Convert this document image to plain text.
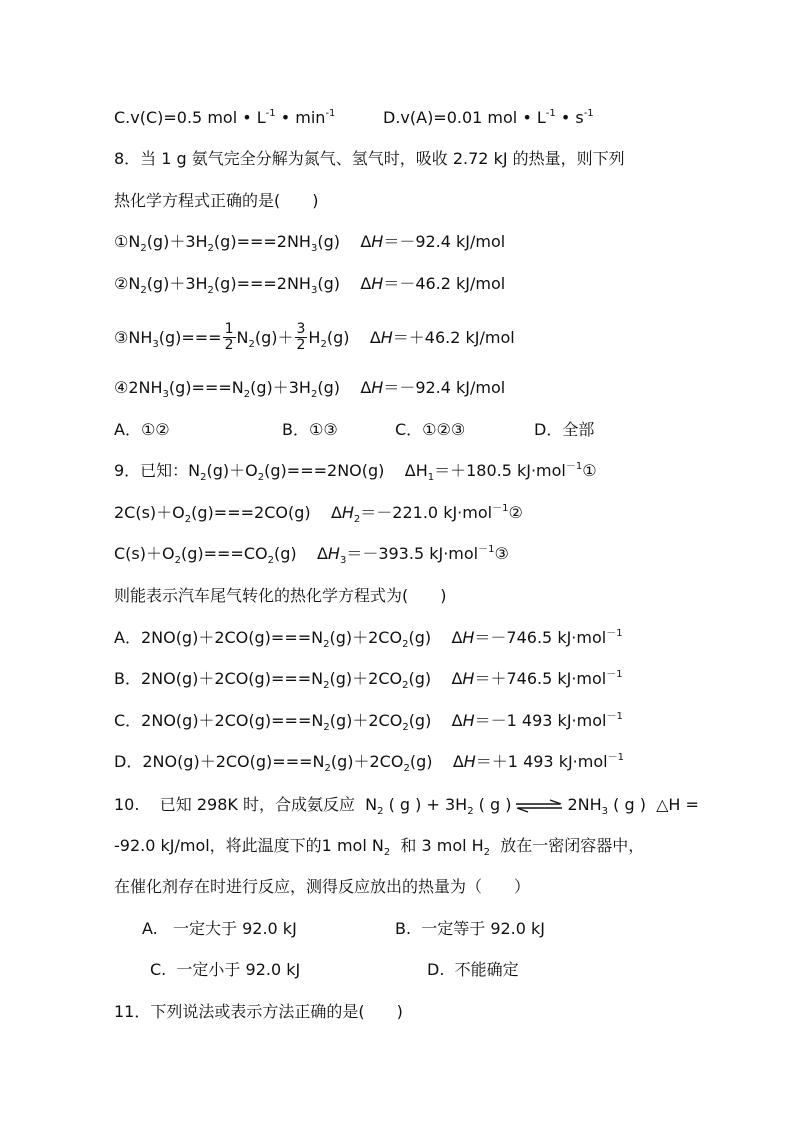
C.v(C)=0.5 mol • $L^{-1}$ • $\min^{-1}$	D.v(A)=0.01 mol • $L^{-1}$ • $s^{-1}$
8．当 1 g 氨气完全分解为氮气、氢气时，吸收 2.72 kJ 的热量，则下列
热化学方程式正确的是(　　)
$①N_2(g)+3H_2(g)===2NH_3(g)$    ΔH＝－92.4 kJ/mol
$②N_2(g)+3H_2(g)===2NH_3(g)$    ΔH＝－46.2 kJ/mol
$③NH_3(g)=== \frac{1}{2} N_2(g)+ \frac{3}{2} H_2(g)$    ΔH＝＋46.2 kJ/mol
$④2NH_3(g)===N_2(g)+3H_2(g)$    ΔH＝－92.4 kJ/mol
A．①②	B．①③	C．①②③	D．全部
9．已知：$N_2(g)+O_2(g)===2NO(g)$    $\Delta H_1=+180.5$ kJ·mol$^{-1}$①
$2C(s)+O_2(g)===2CO(g)$    $\Delta H_2=-221.0$ kJ·mol$^{-1}$②
$C(s)+O_2(g)===CO_2(g)$    $\Delta H_3=-393.5$ kJ·mol$^{-1}$③
则能表示汽车尾气转化的热化学方程式为(　　)
A．$2NO(g)+2CO(g)===N_2(g)+2CO_2(g)$    ΔH＝－746.5 kJ·mol$^{-1}$
B．$2NO(g)+2CO(g)===N_2(g)+2CO_2(g)$    ΔH＝＋746.5 kJ·mol$^{-1}$
C．$2NO(g)+2CO(g)===N_2(g)+2CO_2(g)$    ΔH＝－1 493 kJ·mol$^{-1}$
D．$2NO(g)+2CO(g)===N_2(g)+2CO_2(g)$    ΔH＝＋1 493 kJ·mol$^{-1}$
10.    已知 298K 时，合成氨反应  $N_2$ ( g ) + $3H_2$ ( g ) ⇌ $2NH_3$ ( g )  △H =
-92.0 kJ/mol，将此温度下的1 mol $N_2$  和 3 mol $H_2$  放在一密闭容器中，
在催化剂存在时进行反应，测得反应放出的热量为（　　）
A.   一定大于 92.0 kJ	B.  一定等于 92.0 kJ
C.  一定小于 92.0 kJ	D.  不能确定
11．下列说法或表示方法正确的是(　　)
